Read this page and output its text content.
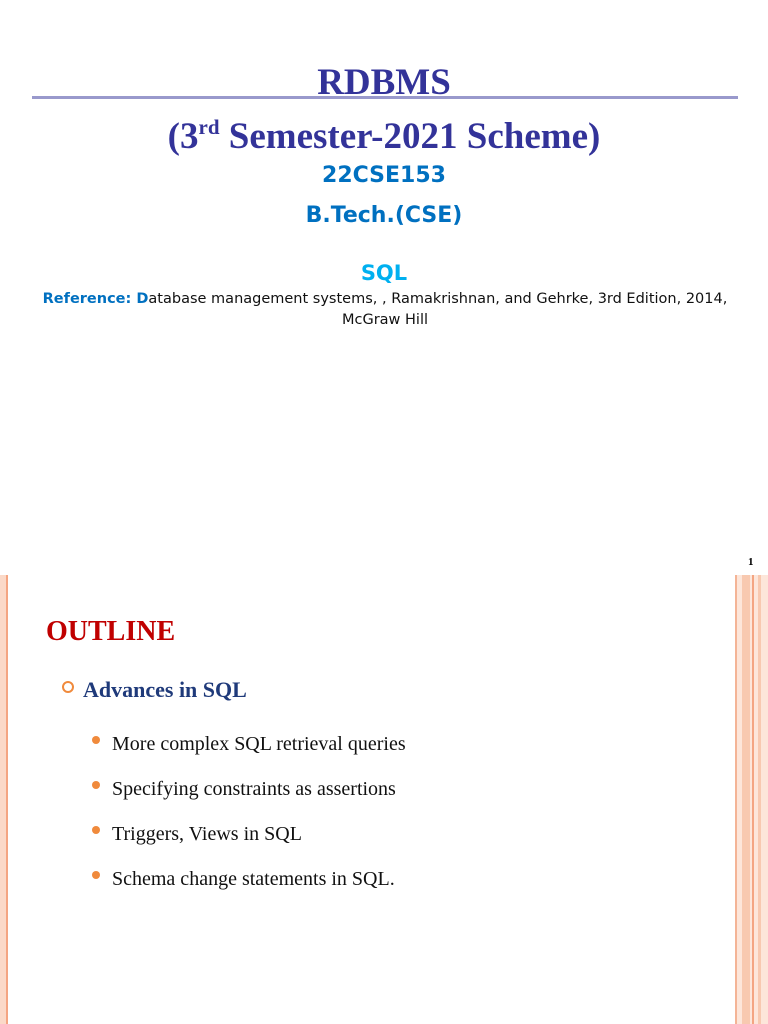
RDBMS
(3rd Semester-2021 Scheme)
22CSE153
B.Tech.(CSE)
SQL
Reference: Database management systems, , Ramakrishnan, and Gehrke, 3rd Edition, 2014, McGraw Hill
1
OUTLINE
Advances in SQL
More complex SQL retrieval queries
Specifying constraints as assertions
Triggers, Views in SQL
Schema change statements in SQL.
